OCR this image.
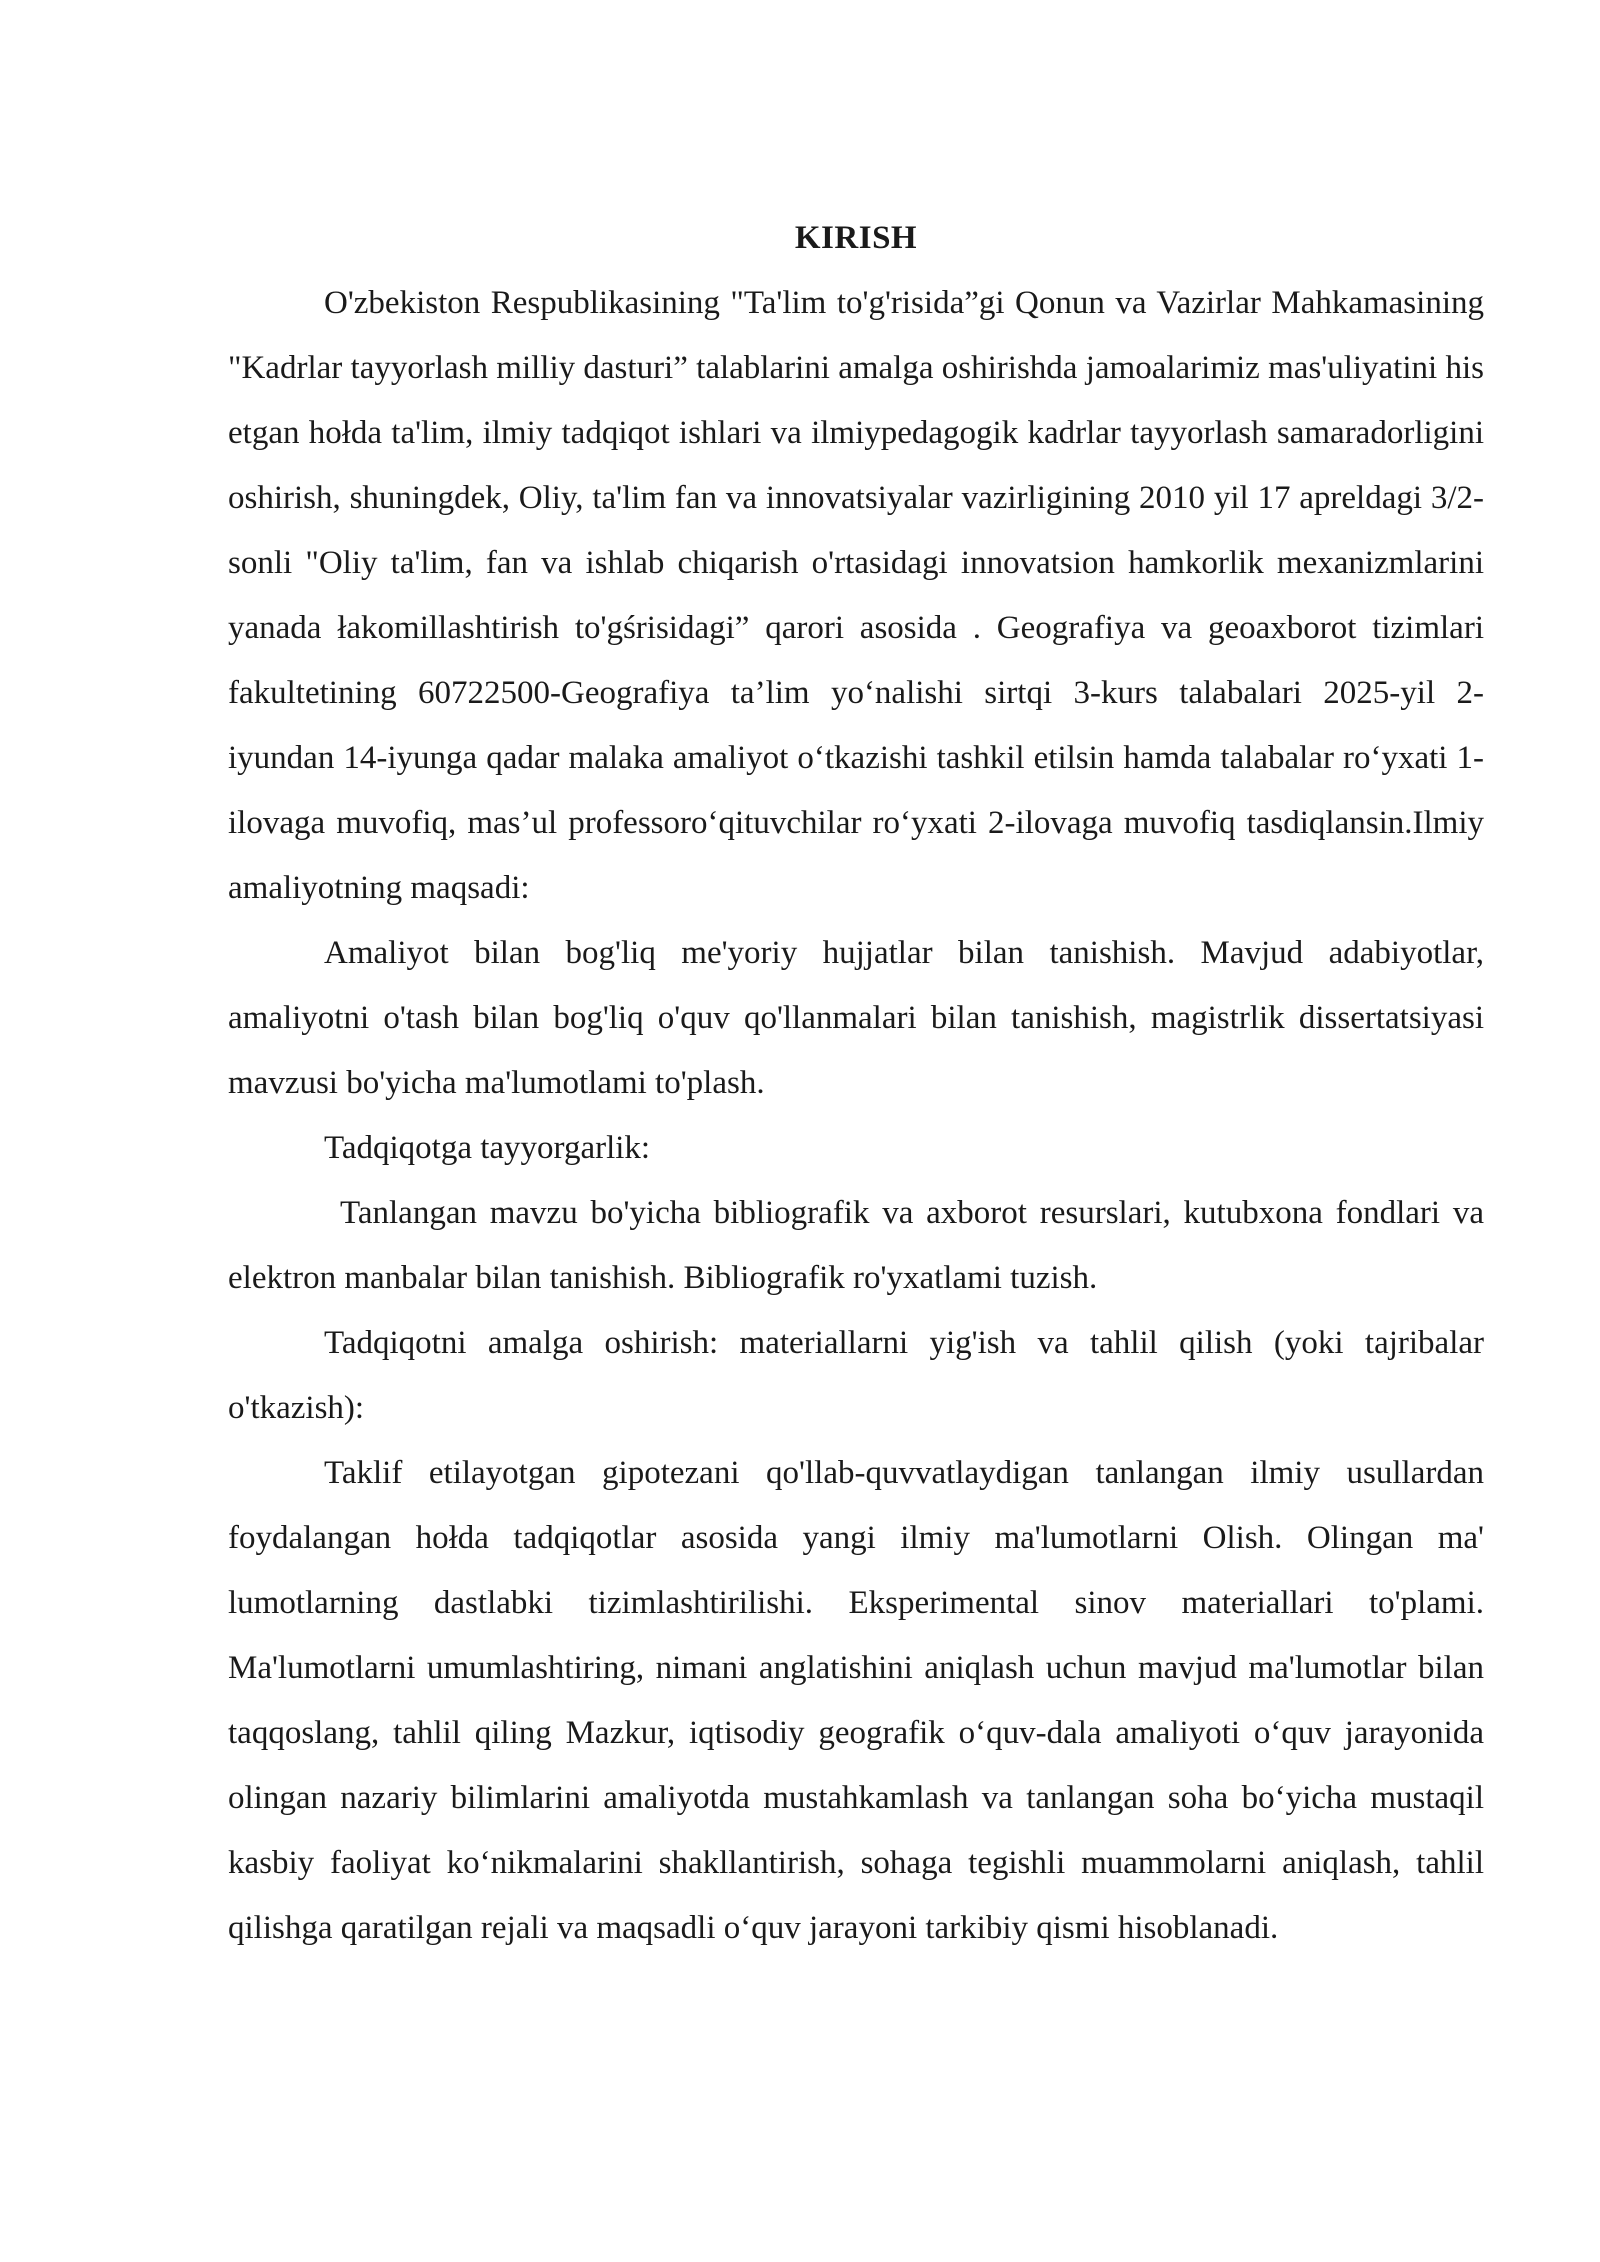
KIRISH

O'zbekiston Respublikasining "Ta'lim to'g'risida”gi Qonun va Vazirlar Mahkamasining "Kadrlar tayyorlash milliy dasturi” talablarini amalga oshirishda jamoalarimiz mas'uliyatini his etgan hołda ta'lim, ilmiy tadqiqot ishlari va ilmiypedagogik kadrlar tayyorlash samaradorligini oshirish, shuningdek, Oliy, ta'lim fan va innovatsiyalar vazirligining 2010 yil 17 apreldagi 3/2-sonli "Oliy ta'lim, fan va ishlab chiqarish o'rtasidagi innovatsion hamkorlik mexanizmlarini yanada łakomillashtirish to'gśrisidagi” qarori asosida . Geografiya va geoaxborot tizimlari fakultetining 60722500-Geografiya ta’lim yo‘nalishi sirtqi 3-kurs talabalari 2025-yil 2-iyundan 14-iyunga qadar malaka amaliyot o‘tkazishi tashkil etilsin hamda talabalar ro‘yxati 1-ilovaga muvofiq, mas’ul professoro‘qituvchilar ro‘yxati 2-ilovaga muvofiq tasdiqlansin.Ilmiy amaliyotning maqsadi:

Amaliyot bilan bog'liq me'yoriy hujjatlar bilan tanishish. Mavjud adabiyotlar, amaliyotni o'tash bilan bog'liq o'quv qo'llanmalari bilan tanishish, magistrlik dissertatsiyasi mavzusi bo'yicha ma'lumotlami to'plash.

Tadqiqotga tayyorgarlik:

Tanlangan mavzu bo'yicha bibliografik va axborot resurslari, kutubxona fondlari va elektron manbalar bilan tanishish. Bibliografik ro'yxatlami tuzish.

Tadqiqotni amalga oshirish: materiallarni yig'ish va tahlil qilish (yoki tajribalar o'tkazish):

Taklif etilayotgan gipotezani qo'llab-quvvatlaydigan tanlangan ilmiy usullardan foydalangan hołda tadqiqotlar asosida yangi ilmiy ma'lumotlarni Olish. Olingan ma' lumotlarning dastlabki tizimlashtirilishi. Eksperimental sinov materiallari to'plami. Ma'lumotlarni umumlashtiring, nimani anglatishini aniqlash uchun mavjud ma'lumotlar bilan taqqoslang, tahlil qiling Mazkur, iqtisodiy geografik o‘quv-dala amaliyoti o‘quv jarayonida olingan nazariy bilimlarini amaliyotda mustahkamlash va tanlangan soha bo‘yicha mustaqil kasbiy faoliyat ko‘nikmalarini shakllantirish, sohaga tegishli muammolarni aniqlash, tahlil qilishga qaratilgan rejali va maqsadli o‘quv jarayoni tarkibiy qismi hisoblanadi.
